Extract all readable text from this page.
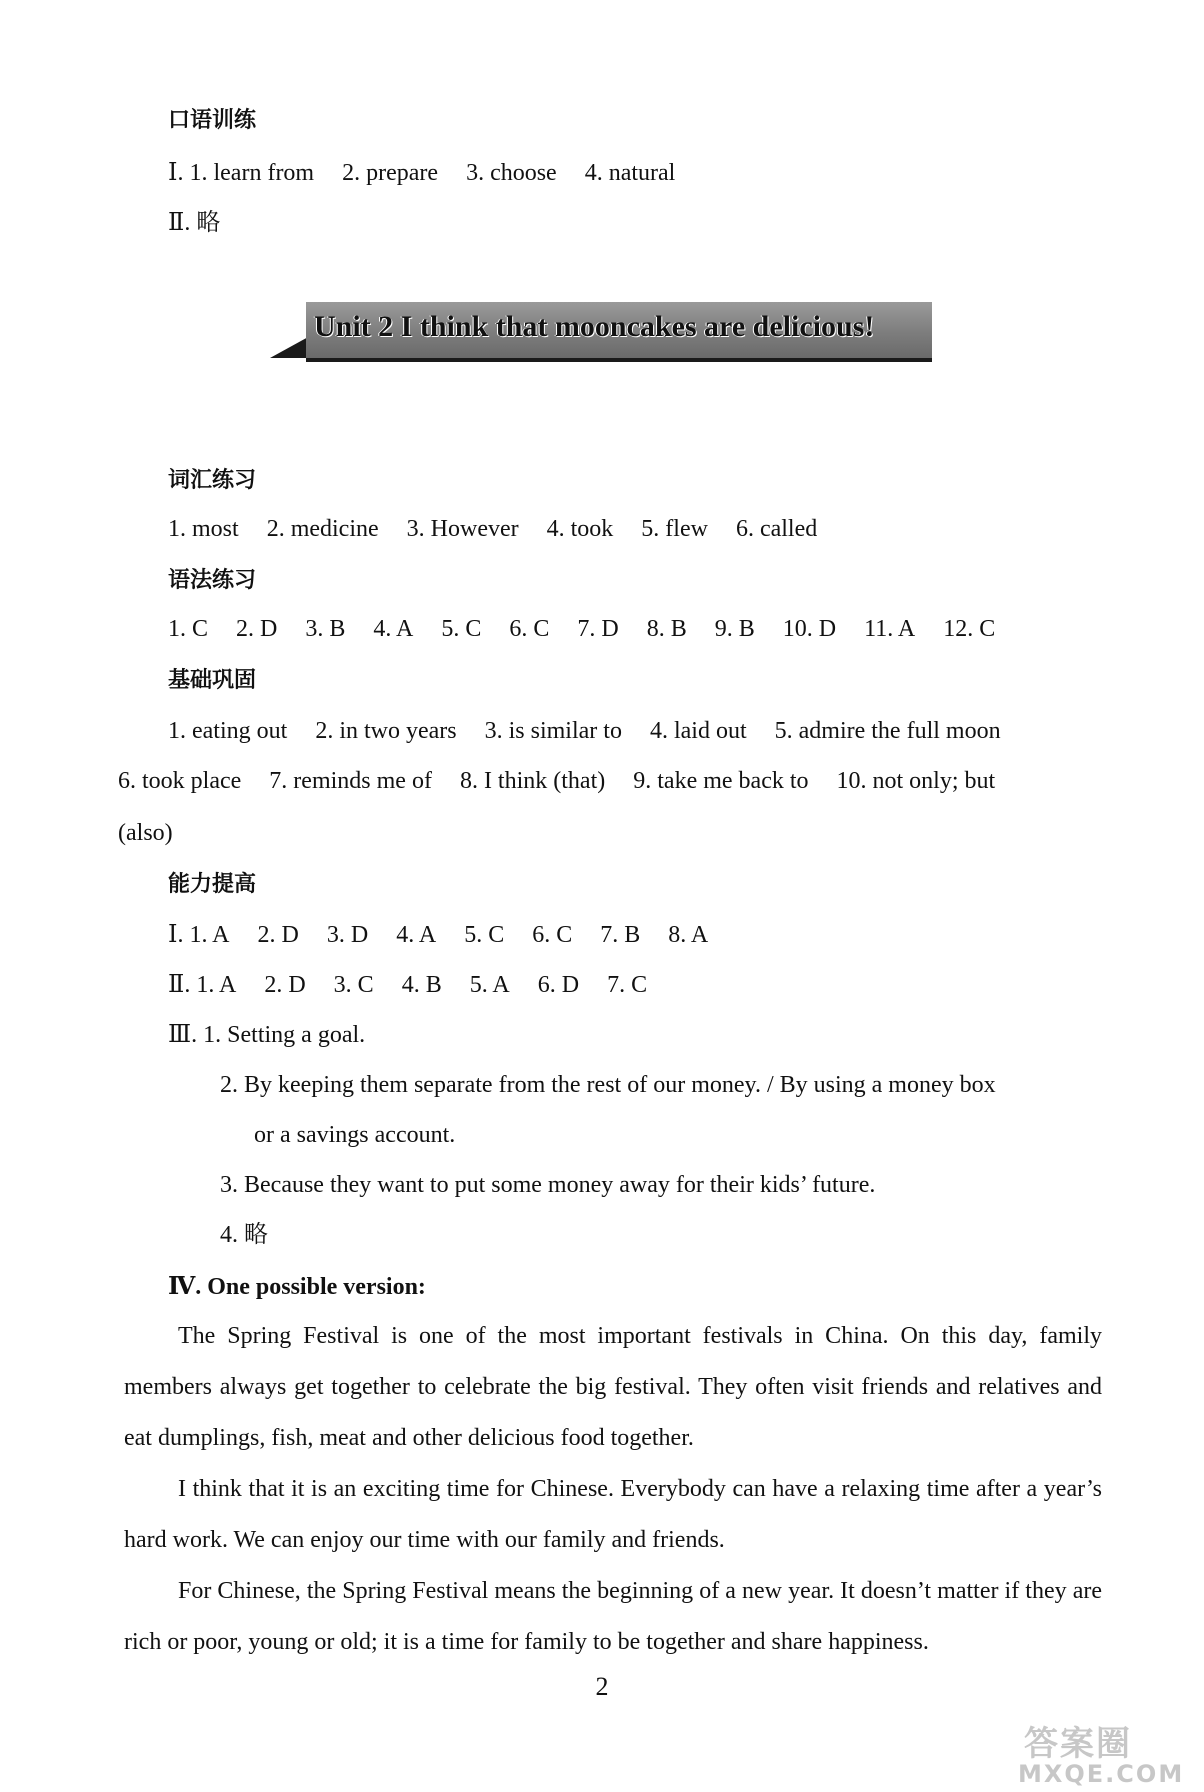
口语训练
Ⅰ. 1. learn from 2. prepare 3. choose 4. natural
Ⅱ. 略
Unit 2 I think that mooncakes are delicious!
词汇练习
1. most 2. medicine 3. However 4. took 5. flew 6. called
语法练习
1. C 2. D 3. B 4. A 5. C 6. C 7. D 8. B 9. B 10. D 11. A 12. C
基础巩固
1. eating out 2. in two years 3. is similar to 4. laid out 5. admire the full moon
6. took place 7. reminds me of 8. I think (that) 9. take me back to 10. not only; but
(also)
能力提高
Ⅰ. 1. A 2. D 3. D 4. A 5. C 6. C 7. B 8. A
Ⅱ. 1. A 2. D 3. C 4. B 5. A 6. D 7. C
Ⅲ. 1. Setting a goal.
2. By keeping them separate from the rest of our money. / By using a money box
or a savings account.
3. Because they want to put some money away for their kids’ future.
4. 略
Ⅳ. One possible version:
The Spring Festival is one of the most important festivals in China. On this day, family members always get together to celebrate the big festival. They often visit friends and relatives and eat dumplings, fish, meat and other delicious food together.
I think that it is an exciting time for Chinese. Everybody can have a relaxing time after a year’s hard work. We can enjoy our time with our family and friends.
For Chinese, the Spring Festival means the beginning of a new year. It doesn’t matter if they are rich or poor, young or old; it is a time for family to be together and share happiness.
2
答案圈
MXQE.COM
